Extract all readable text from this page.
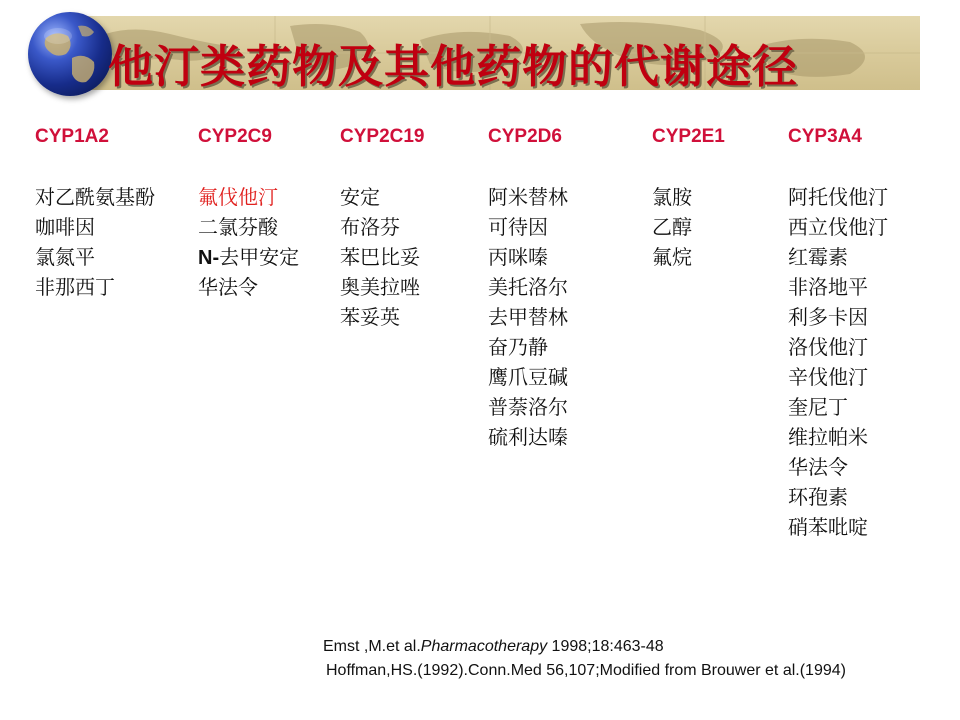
他汀类药物及其他药物的代谢途径
CYP1A2
对乙酰氨基酚
咖啡因
氯氮平
非那西丁
CYP2C9
氟伐他汀
二氯芬酸
N-去甲安定
华法令
CYP2C19
安定
布洛芬
苯巴比妥
奥美拉唑
苯妥英
CYP2D6
阿米替林
可待因
丙咪嗪
美托洛尔
去甲替林
奋乃静
鹰爪豆碱
普萘洛尔
硫利达嗪
CYP2E1
氯胺
乙醇
氟烷
CYP3A4
阿托伐他汀
西立伐他汀
红霉素
非洛地平
利多卡因
洛伐他汀
辛伐他汀
奎尼丁
维拉帕米
华法令
环孢素
硝苯吡啶
Emst ,M.et al.Pharmacotherapy 1998;18:463-48
Hoffman,HS.(1992).Conn.Med 56,107;Modified from Brouwer et al.(1994)
